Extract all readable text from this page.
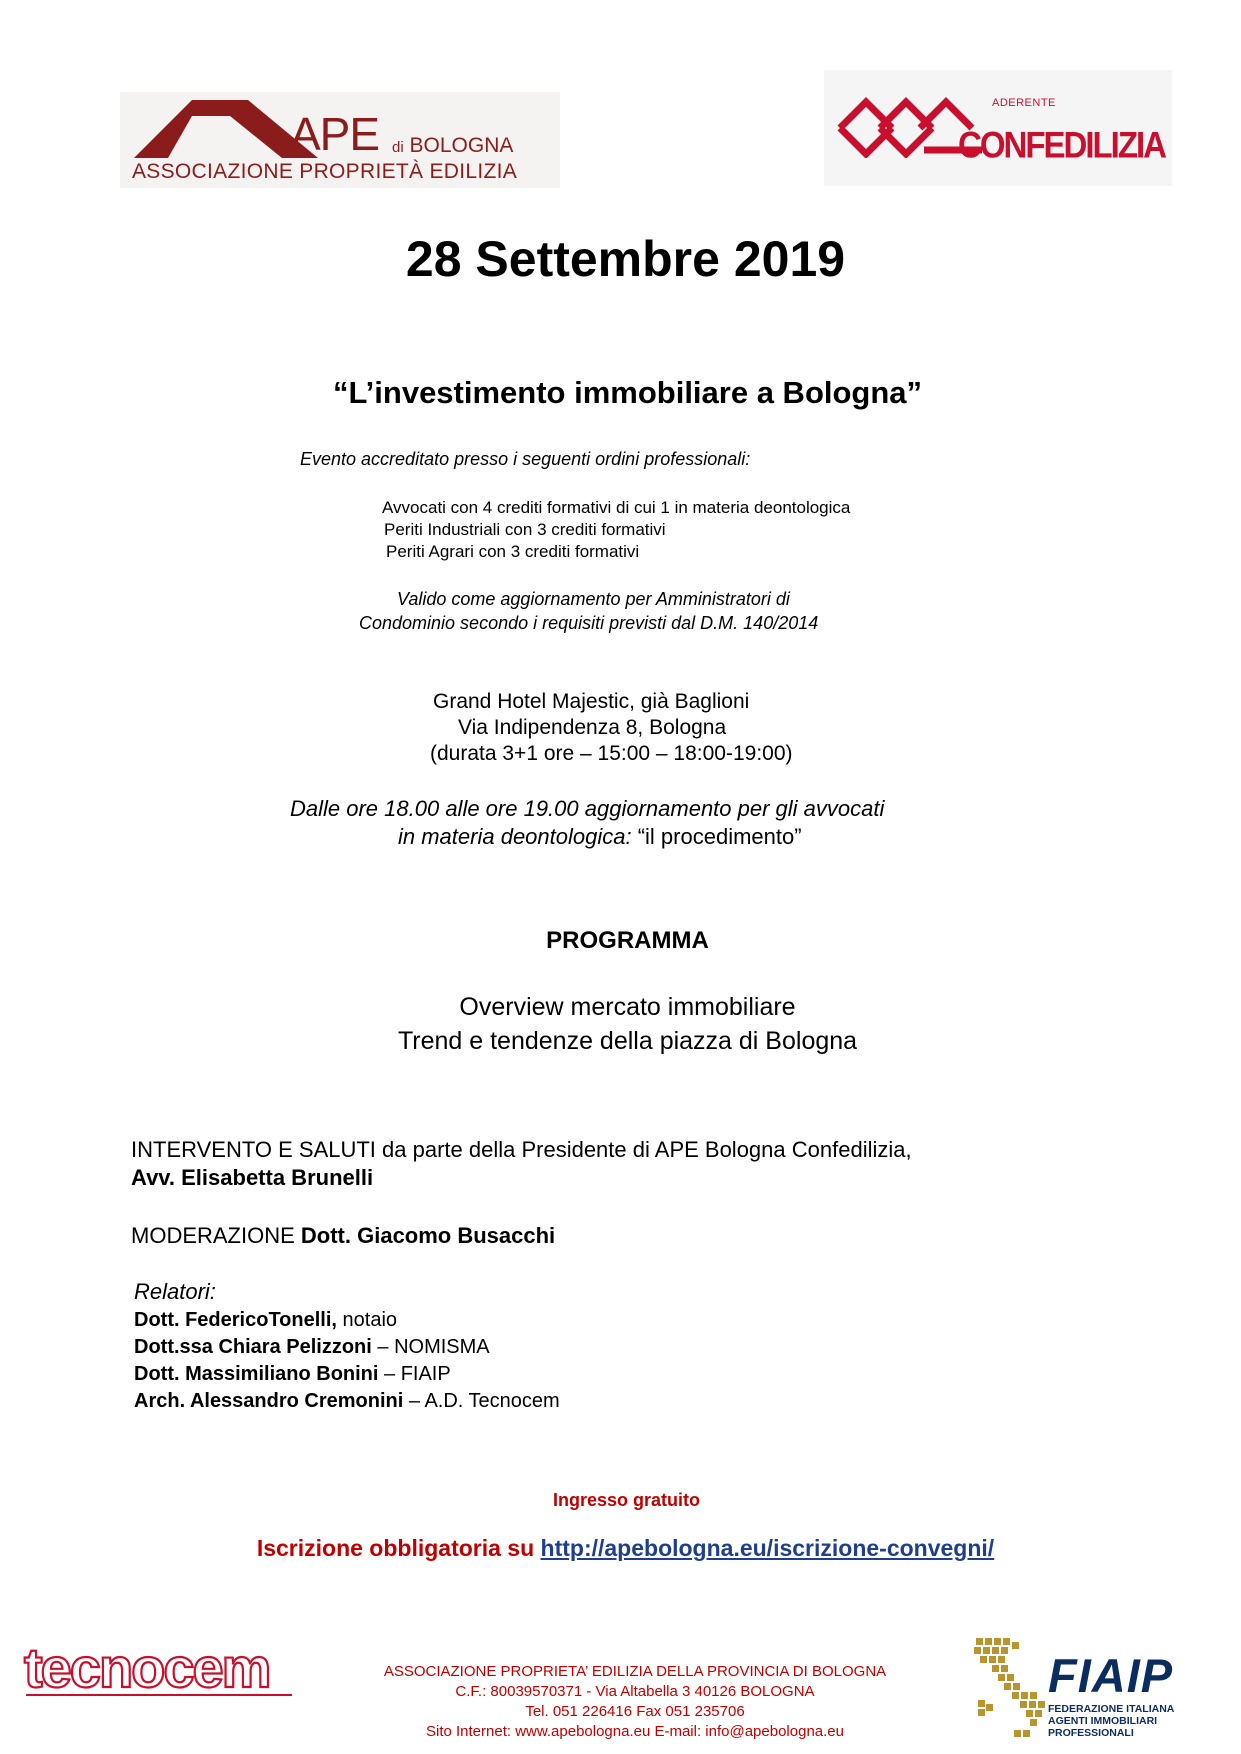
APE di BOLOGNA
ASSOCIAZIONE PROPRIETÀ EDILIZIA
ADERENTE
CONFEDILIZIA
28 Settembre 2019
“L’investimento immobiliare a Bologna”
Evento accreditato presso i seguenti ordini professionali:
Avvocati con 4 crediti formativi di cui 1 in materia deontologica
Periti Industriali con 3 crediti formativi
Periti Agrari con 3 crediti formativi
Valido come aggiornamento per Amministratori di
Condominio secondo i requisiti previsti dal D.M. 140/2014
Grand Hotel Majestic, già Baglioni
Via Indipendenza 8, Bologna
(durata 3+1 ore – 15:00 – 18:00-19:00)
Dalle ore 18.00 alle ore 19.00 aggiornamento per gli avvocati
in materia deontologica: “il procedimento”
PROGRAMMA
Overview mercato immobiliare
Trend e tendenze della piazza di Bologna
INTERVENTO E SALUTI da parte della Presidente di APE Bologna Confedilizia,
Avv. Elisabetta Brunelli
MODERAZIONE Dott. Giacomo Busacchi
Relatori:
Dott. FedericoTonelli, notaio
Dott.ssa Chiara Pelizzoni – NOMISMA
Dott. Massimiliano Bonini – FIAIP
Arch. Alessandro Cremonini – A.D. Tecnocem
Ingresso gratuito
Iscrizione obbligatoria su http://apebologna.eu/iscrizione-convegni/
tecnocem	ASSOCIAZIONE PROPRIETA’ EDILIZIA DELLA PROVINCIA DI BOLOGNA
C.F.: 80039570371 - Via Altabella 3 40126 BOLOGNA
Tel. 051 226416 Fax 051 235706
Sito Internet: www.apebologna.eu E-mail: info@apebologna.eu
FIAIP
FEDERAZIONE ITALIANA
AGENTI IMMOBILIARI
PROFESSIONALI
